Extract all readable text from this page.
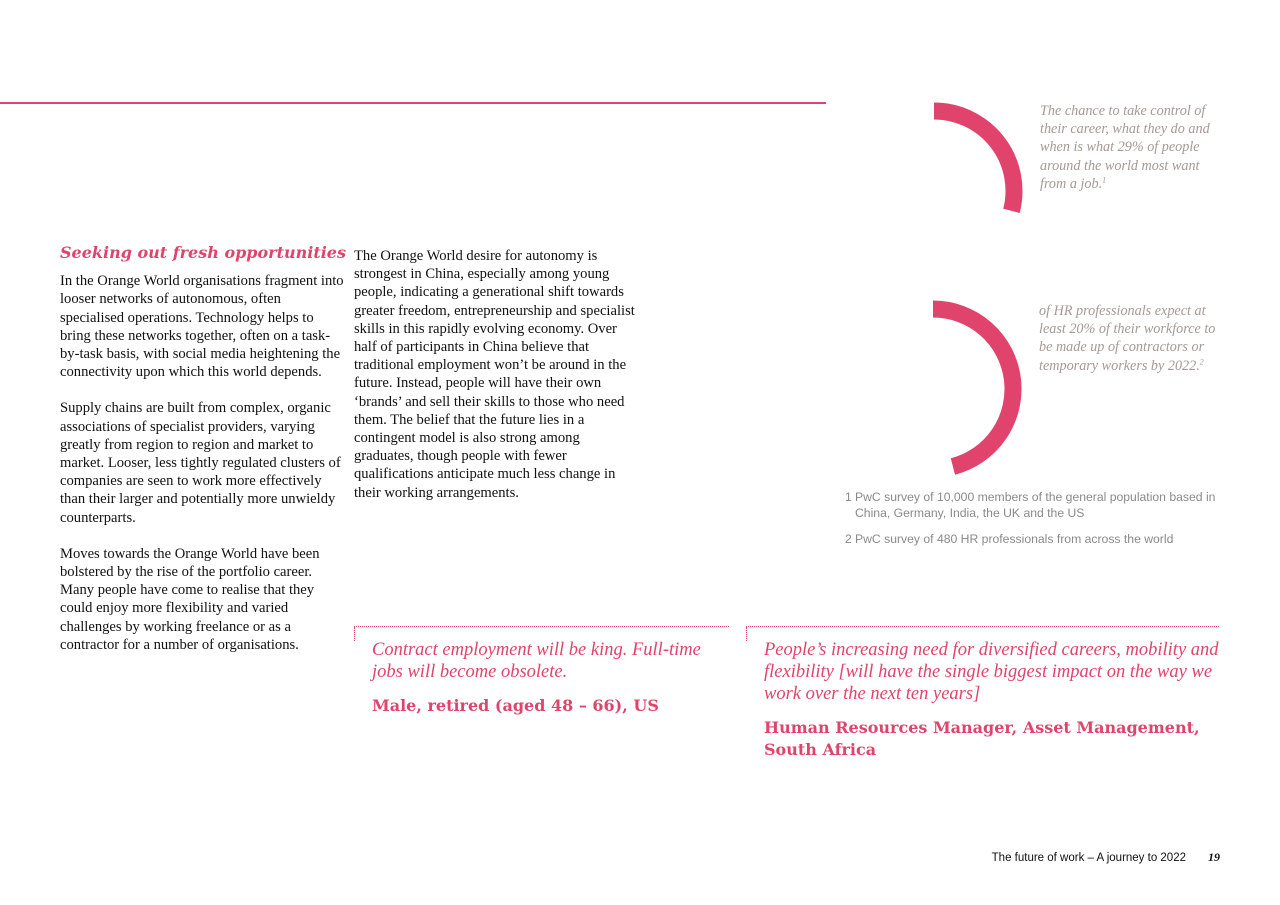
Seeking out fresh opportunities

In the Orange World organisations fragment into looser networks of autonomous, often specialised operations. Technology helps to bring these networks together, often on a task-by-task basis, with social media heightening the connectivity upon which this world depends.

Supply chains are built from complex, organic associations of specialist providers, varying greatly from region to region and market to market. Looser, less tightly regulated clusters of companies are seen to work more effectively than their larger and potentially more unwieldy counterparts.

Moves towards the Orange World have been bolstered by the rise of the portfolio career. Many people have come to realise that they could enjoy more flexibility and varied challenges by working freelance or as a contractor for a number of organisations.

The Orange World desire for autonomy is strongest in China, especially among young people, indicating a generational shift towards greater freedom, entrepreneurship and specialist skills in this rapidly evolving economy. Over half of participants in China believe that traditional employment won’t be around in the future. Instead, people will have their own ‘brands’ and sell their skills to those who need them. The belief that the future lies in a contingent model is also strong among graduates, though people with fewer qualifications anticipate much less change in their working arrangements.

The chance to take control of their career, what they do and when is what 29% of people around the world most want from a job.$^1$
of HR professionals expect at least 20% of their workforce to be made up of contractors or temporary workers by 2022.$^2$
1 PwC survey of 10,000 members of the general population based in China, Germany, India, the UK and the US
2 PwC survey of 480 HR professionals from across the world
Contract employment will be king. Full-time jobs will become obsolete.
Male, retired (aged 48 – 66), US
People’s increasing need for diversified careers, mobility and flexibility [will have the single biggest impact on the way we work over the next ten years]
Human Resources Manager, Asset Management, South Africa
The future of work – A journey to 2022 19
